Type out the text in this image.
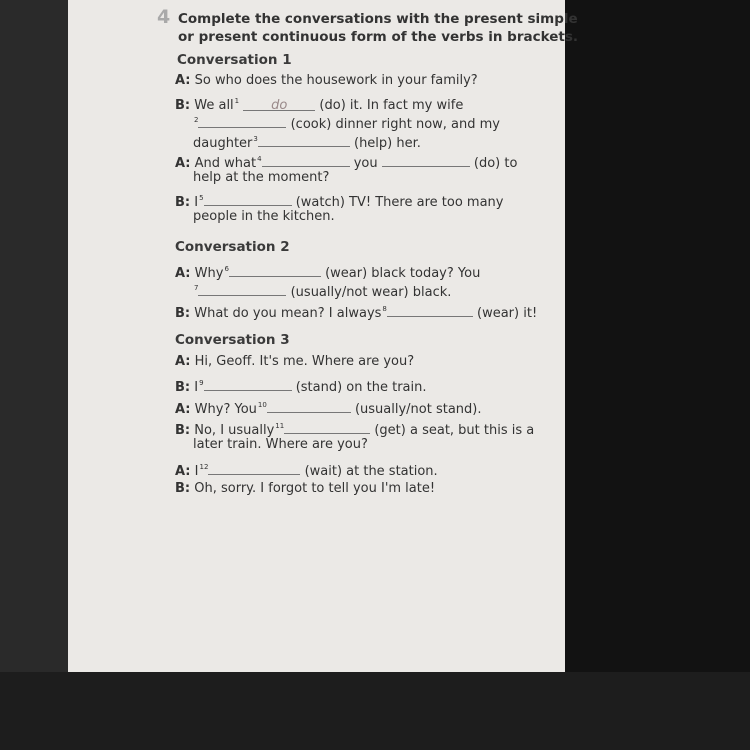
4 Complete the conversations with the present simple
or present continuous form of the verbs in brackets.
Conversation 1
A: So who does the housework in your family?
B: We all$^1$ do (do) it. In fact my wife
$^2$	(cook) dinner right now, and my
daughter$^3$	(help) her.
A: And what$^4$	you	(do) to
help at the moment?
B: $I^5$	(watch) TV! There are too many
people in the kitchen.
Conversation 2
A: Why$^6$	(wear) black today? You
$^7$	(usually/not wear) black.
B: What do you mean? I always$^8$	(wear) it!
Conversation 3
A: Hi, Geoff. It's me. Where are you?
B: $I^9$	(stand) on the train.
A: Why? You$^{10}$	(usually/not stand).
B: No, I usually$^{11}$	(get) a seat, but this is a
later train. Where are you?
A: $I^{12}$	(wait) at the station.
B: Oh, sorry. I forgot to tell you I'm late!
